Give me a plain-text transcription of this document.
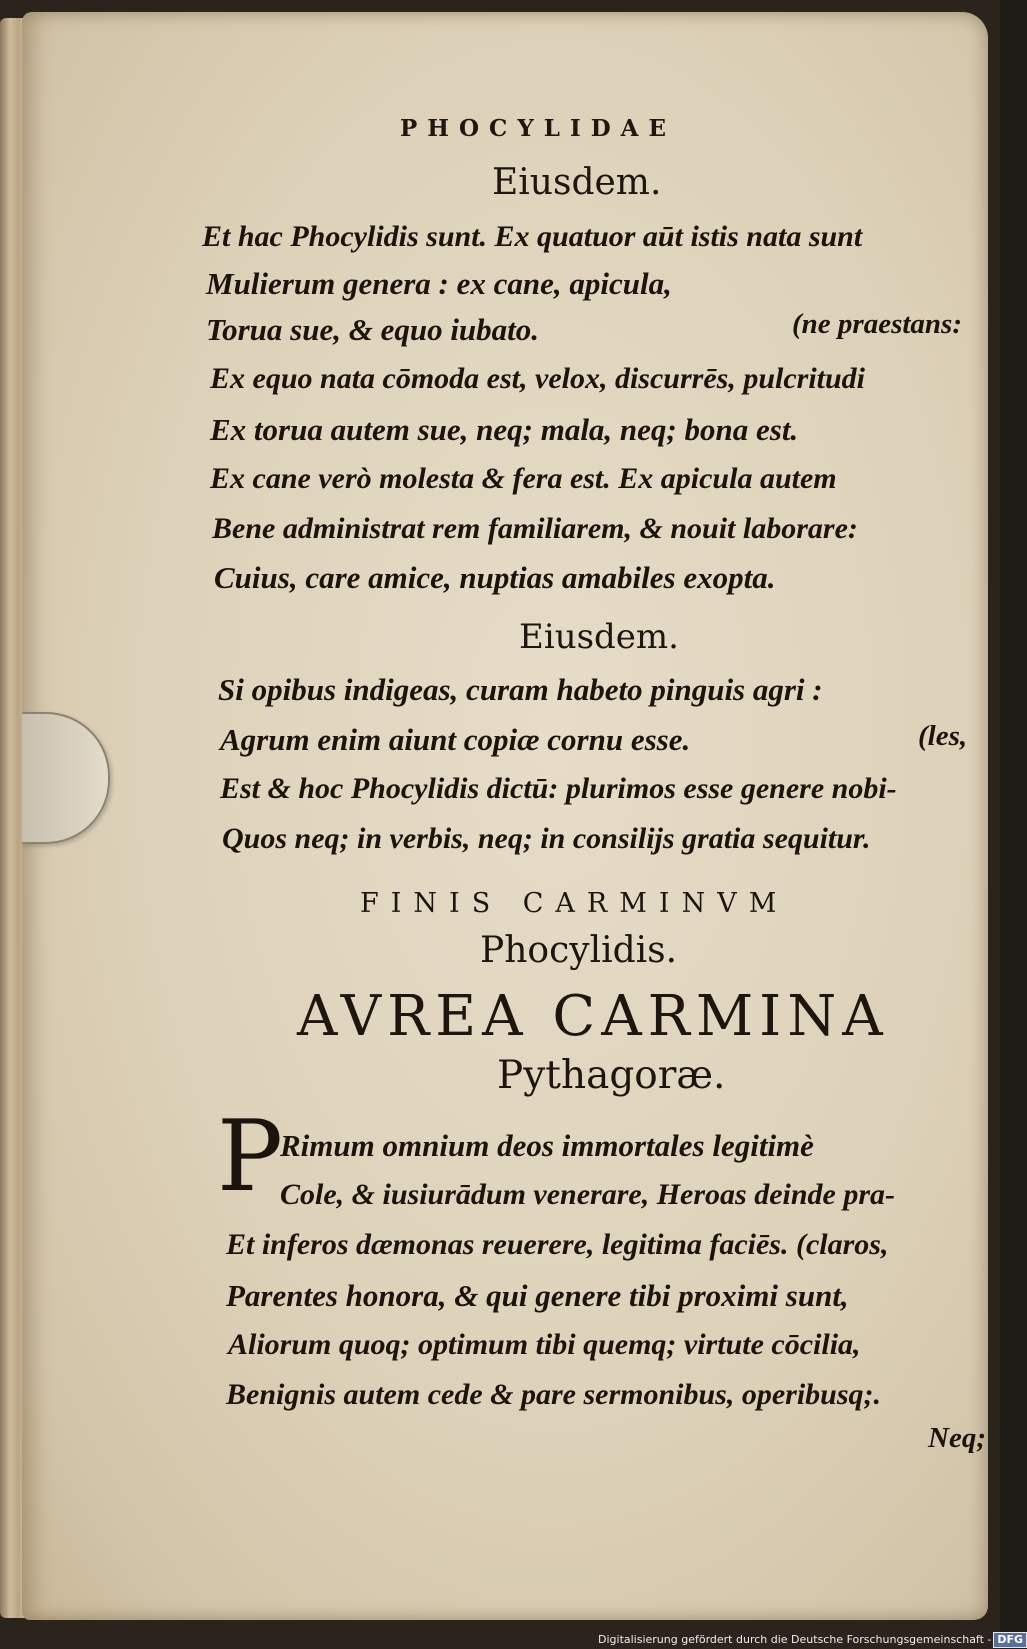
PHOCYLIDAE
Eiusdem.
Et hac Phocylidis sunt. Ex quatuor aūt istis nata sunt
Mulierum genera : ex cane, apicula,
Torua sue, & equo iubato.	(ne praestans:
Ex equo nata cōmoda est, velox, discurrēs, pulcritudi
Ex torua autem sue, neq; mala, neq; bona est.
Ex cane verò molesta & fera est. Ex apicula autem
Bene administrat rem familiarem, & nouit laborare:
Cuius, care amice, nuptias amabiles exopta.
Eiusdem.
Si opibus indigeas, curam habeto pinguis agri :
Agrum enim aiunt copiæ cornu esse.	(les,
Est & hoc Phocylidis dictū: plurimos esse genere nobi-
Quos neq; in verbis, neq; in consilijs gratia sequitur.
FINIS CARMINVM
Phocylidis.
AVREA CARMINA
Pythagoræ.
P
Rimum omnium deos immortales legitimè
Cole, & iusiurādum venerare, Heroas deinde pra-
Et inferos dæmonas reuerere, legitima faciēs. (claros,
Parentes honora, & qui genere tibi proximi sunt,
Aliorum quoq; optimum tibi quemq; virtute cōcilia,
Benignis autem cede & pare sermonibus, operibusq;.
Neq;
Digitalisierung gefördert durch die Deutsche Forschungsgemeinschaft - DFG
